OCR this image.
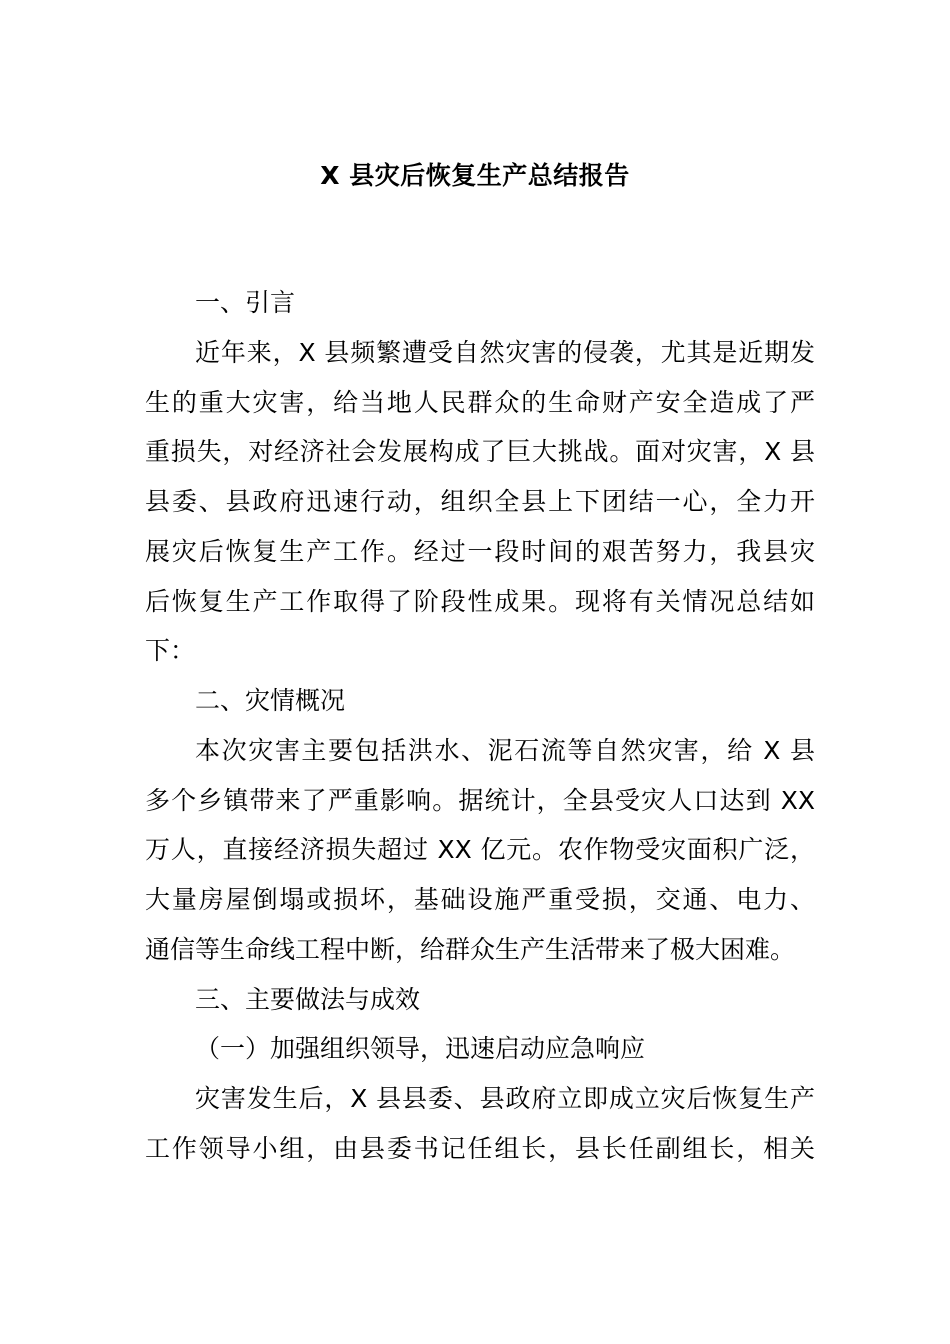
X 县灾后恢复生产总结报告
一、引言
近年来，X 县频繁遭受自然灾害的侵袭，尤其是近期发
生的重大灾害，给当地人民群众的生命财产安全造成了严
重损失，对经济社会发展构成了巨大挑战。面对灾害，X 县
县委、县政府迅速行动，组织全县上下团结一心，全力开
展灾后恢复生产工作。经过一段时间的艰苦努力，我县灾
后恢复生产工作取得了阶段性成果。现将有关情况总结如
下：
二、灾情概况
本次灾害主要包括洪水、泥石流等自然灾害，给 X 县
多个乡镇带来了严重影响。据统计，全县受灾人口达到 XX
万人，直接经济损失超过 XX 亿元。农作物受灾面积广泛，
大量房屋倒塌或损坏，基础设施严重受损，交通、电力、
通信等生命线工程中断，给群众生产生活带来了极大困难。
三、主要做法与成效
（一）加强组织领导，迅速启动应急响应
灾害发生后，X 县县委、县政府立即成立灾后恢复生产
工作领导小组，由县委书记任组长，县长任副组长，相关
